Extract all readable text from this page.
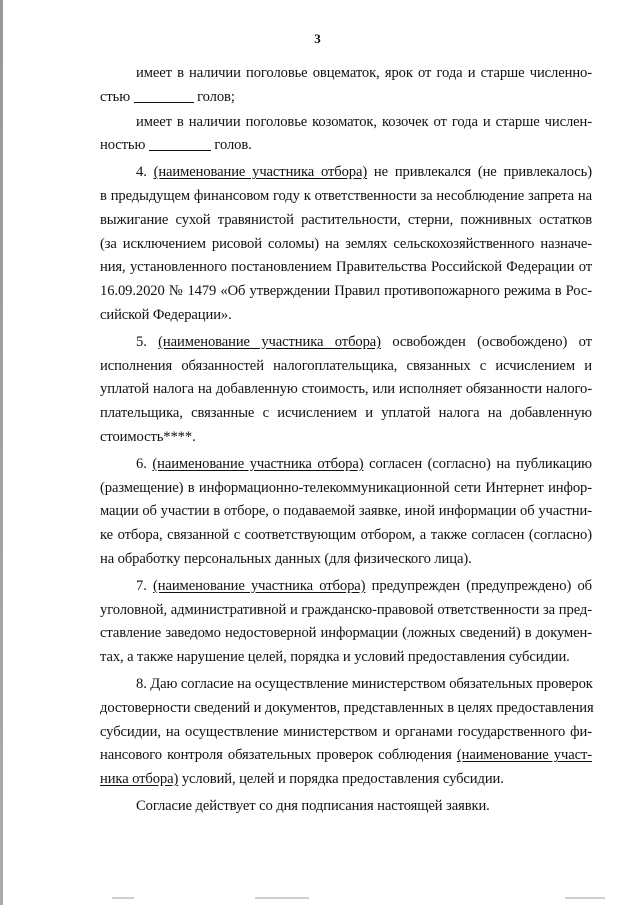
3
имеет в наличии поголовье овцематок, ярок от года и старше численно-
стью	голов;
имеет в наличии поголовье козоматок, козочек от года и старше числен-
ностью	голов.
4. (наименование участника отбора) не привлекался (не привлекалось)
в предыдущем финансовом году к ответственности за несоблюдение запрета на
выжигание сухой травянистой растительности, стерни, пожнивных остатков
(за исключением рисовой соломы) на землях сельскохозяйственного назначе-
ния, установленного постановлением Правительства Российской Федерации от
16.09.2020 № 1479 «Об утверждении Правил противопожарного режима в Рос-
сийской Федерации».
5. (наименование участника отбора) освобожден (освобождено) от
исполнения обязанностей налогоплательщика, связанных с исчислением и
уплатой налога на добавленную стоимость, или исполняет обязанности налого-
плательщика, связанные с исчислением и уплатой налога на добавленную
стоимость****.
6. (наименование участника отбора) согласен (согласно) на публикацию
(размещение) в информационно-телекоммуникационной сети Интернет инфор-
мации об участии в отборе, о подаваемой заявке, иной информации об участни-
ке отбора, связанной с соответствующим отбором, а также согласен (согласно)
на обработку персональных данных (для физического лица).
7. (наименование участника отбора) предупрежден (предупреждено) об
уголовной, административной и гражданско-правовой ответственности за пред-
ставление заведомо недостоверной информации (ложных сведений) в докумен-
тах, а также нарушение целей, порядка и условий предоставления субсидии.
8. Даю согласие на осуществление министерством обязательных проверок
достоверности сведений и документов, представленных в целях предоставления
субсидии, на осуществление министерством и органами государственного фи-
нансового контроля обязательных проверок соблюдения (наименование участ-
ника отбора) условий, целей и порядка предоставления субсидии.
Согласие действует со дня подписания настоящей заявки.
